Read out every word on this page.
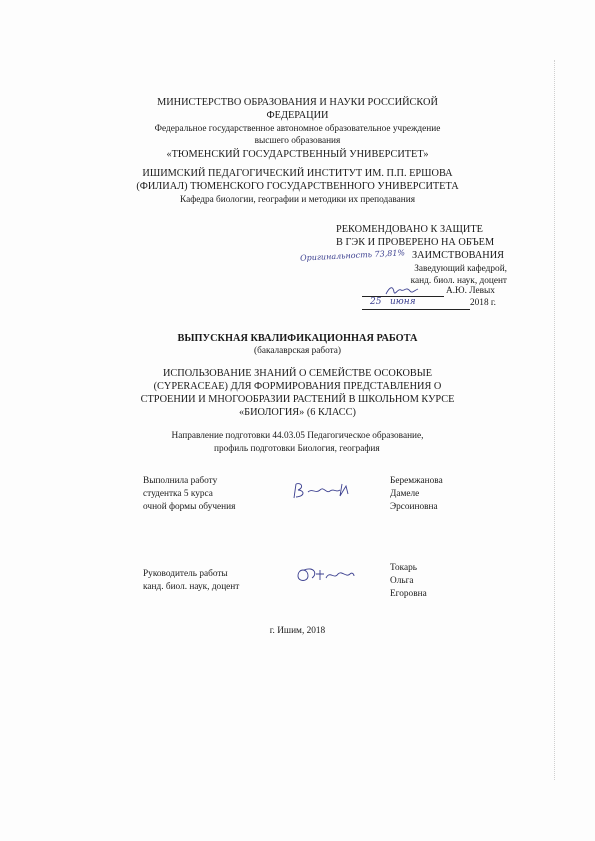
МИНИСТЕРСТВО ОБРАЗОВАНИЯ И НАУКИ РОССИЙСКОЙ
ФЕДЕРАЦИИ
Федеральное государственное автономное образовательное учреждение
высшего образования
«ТЮМЕНСКИЙ ГОСУДАРСТВЕННЫЙ УНИВЕРСИТЕТ»
ИШИМСКИЙ ПЕДАГОГИЧЕСКИЙ ИНСТИТУТ ИМ. П.П. ЕРШОВА
(ФИЛИАЛ) ТЮМЕНСКОГО ГОСУДАРСТВЕННОГО УНИВЕРСИТЕТА
Кафедра биологии, географии и методики их преподавания
РЕКОМЕНДОВАНО К ЗАЩИТЕ
В ГЭК И ПРОВЕРЕНО НА ОБЪЕМ
Оригинальность 73,81% ЗАИМСТВОВАНИЯ
Заведующий кафедрой,
канд. биол. наук, доцент
А.Ю. Левых
25 июня	2018 г.
ВЫПУСКНАЯ КВАЛИФИКАЦИОННАЯ РАБОТА
(бакалаврская работа)
ИСПОЛЬЗОВАНИЕ ЗНАНИЙ О СЕМЕЙСТВЕ ОСОКОВЫЕ
(CYPERACEAE) ДЛЯ ФОРМИРОВАНИЯ ПРЕДСТАВЛЕНИЯ О
СТРОЕНИИ И МНОГООБРАЗИИ РАСТЕНИЙ В ШКОЛЬНОМ КУРСЕ
«БИОЛОГИЯ» (6 КЛАСС)
Направление подготовки 44.03.05 Педагогическое образование,
профиль подготовки Биология, география
Выполнила работу
студентка 5 курса
очной формы обучения
Беремжанова
Дамеле
Эрсоиновна
Руководитель работы
канд. биол. наук, доцент
Токарь
Ольга
Егоровна
г. Ишим, 2018
